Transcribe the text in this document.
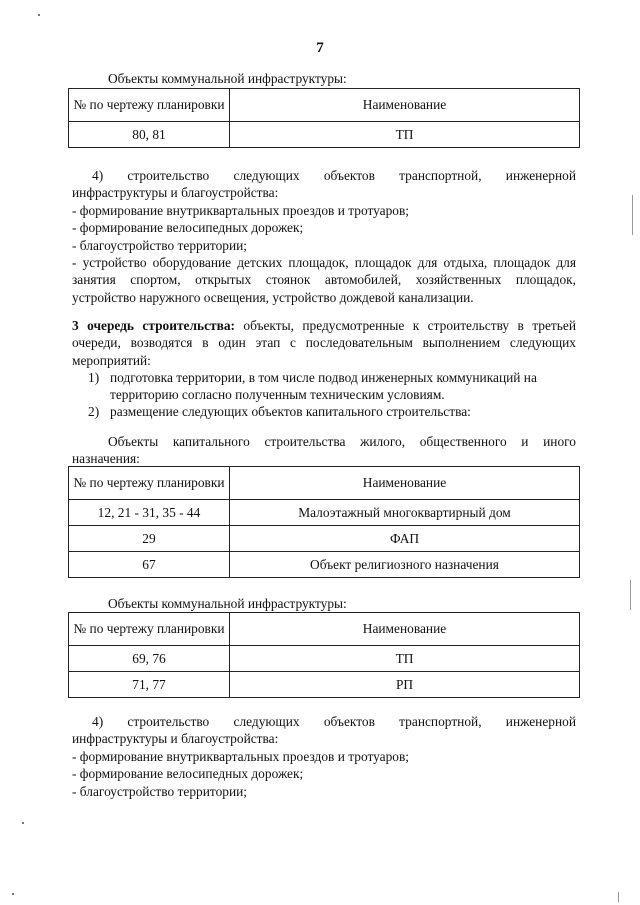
7
Объекты коммунальной инфраструктуры:
№ по чертежу планировки	Наименование
80, 81	ТП

4) строительство следующих объектов транспортной, инженерной

инфраструктуры и благоустройства:

- формирование внутриквартальных проездов и тротуаров;

- формирование велосипедных дорожек;

- благоустройство территории;

- устройство оборудование детских площадок, площадок для отдыха, площадок для занятия спортом, открытых стоянок автомобилей, хозяйственных площадок, устройство наружного освещения, устройство дождевой канализации.

3 очередь строительства: объекты, предусмотренные к строительству в третьей очереди, возводятся в один этап с последовательным выполнением следующих мероприятий:

1) подготовка территории, в том числе подвод инженерных коммуникаций на территорию согласно полученным техническим условиям.

2) размещение следующих объектов капитального строительства:

Объекты капитального строительства жилого, общественного и иного назначения:

№ по чертежу планировки	Наименование
12, 21 - 31, 35 - 44	Малоэтажный многоквартирный дом
29	ФАП
67	Объект религиозного назначения
Объекты коммунальной инфраструктуры:
№ по чертежу планировки	Наименование
69, 76	ТП
71, 77	РП

4) строительство следующих объектов транспортной, инженерной

инфраструктуры и благоустройства:

- формирование внутриквартальных проездов и тротуаров;

- формирование велосипедных дорожек;

- благоустройство территории;
